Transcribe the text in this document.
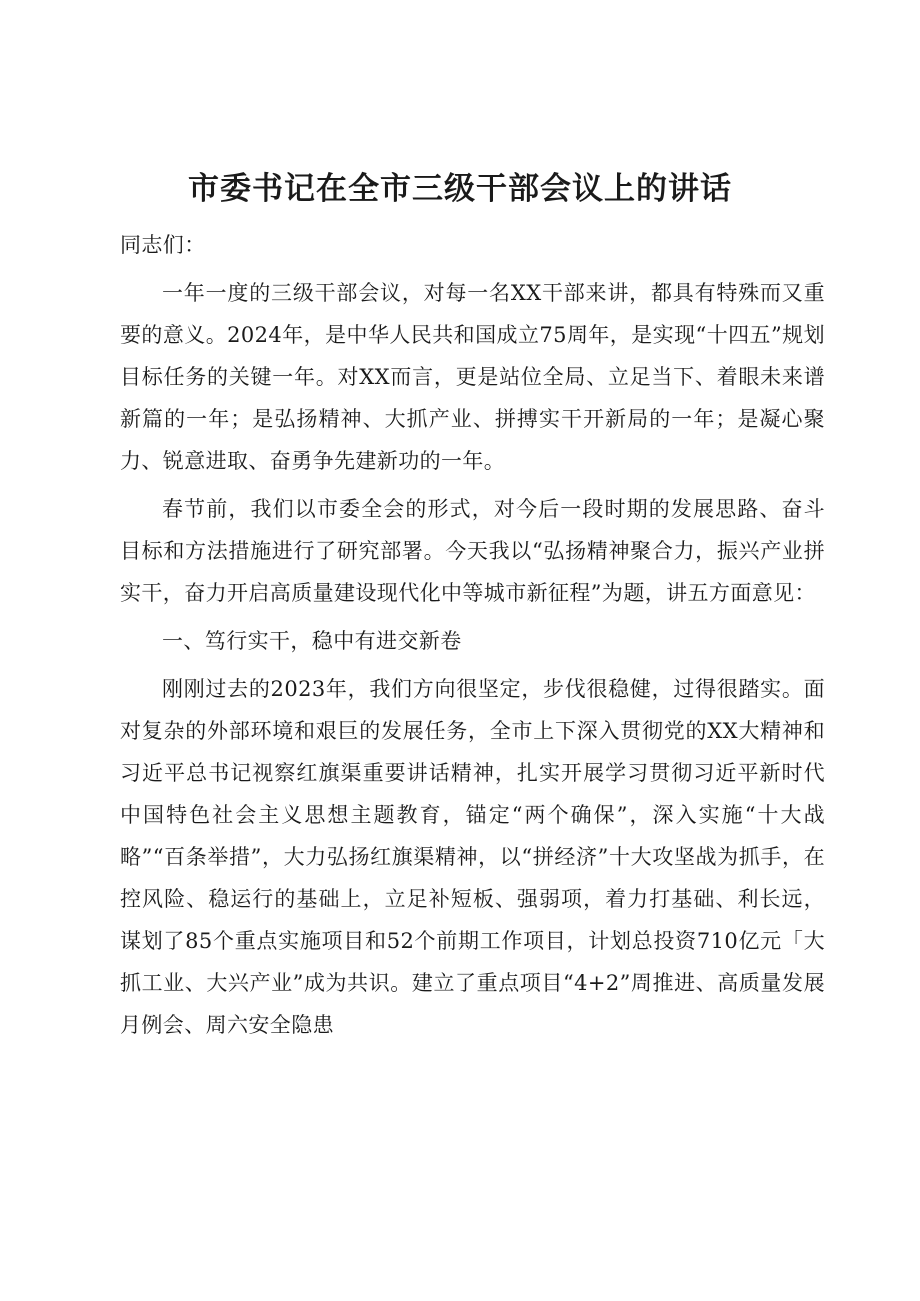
市委书记在全市三级干部会议上的讲话

同志们：

一年一度的三级干部会议，对每一名XX干部来讲，都具有特殊而又重要的意义。2024年，是中华人民共和国成立75周年，是实现“十四五”规划目标任务的关键一年。对XX而言，更是站位全局、立足当下、着眼未来谱新篇的一年；是弘扬精神、大抓产业、拼搏实干开新局的一年；是凝心聚力、锐意进取、奋勇争先建新功的一年。

春节前，我们以市委全会的形式，对今后一段时期的发展思路、奋斗目标和方法措施进行了研究部署。今天我以“弘扬精神聚合力，振兴产业拼实干，奋力开启高质量建设现代化中等城市新征程”为题，讲五方面意见：

一、笃行实干，稳中有进交新卷

刚刚过去的2023年，我们方向很坚定，步伐很稳健，过得很踏实。面对复杂的外部环境和艰巨的发展任务，全市上下深入贯彻党的XX大精神和习近平总书记视察红旗渠重要讲话精神，扎实开展学习贯彻习近平新时代中国特色社会主义思想主题教育，锚定“两个确保”，深入实施“十大战略”“百条举措”，大力弘扬红旗渠精神，以“拼经济”十大攻坚战为抓手，在控风险、稳运行的基础上，立足补短板、强弱项，着力打基础、利长远，谋划了85个重点实施项目和52个前期工作项目，计划总投资710亿元「大抓工业、大兴产业”成为共识。建立了重点项目“4+2”周推进、高质量发展月例会、周六安全隐患
